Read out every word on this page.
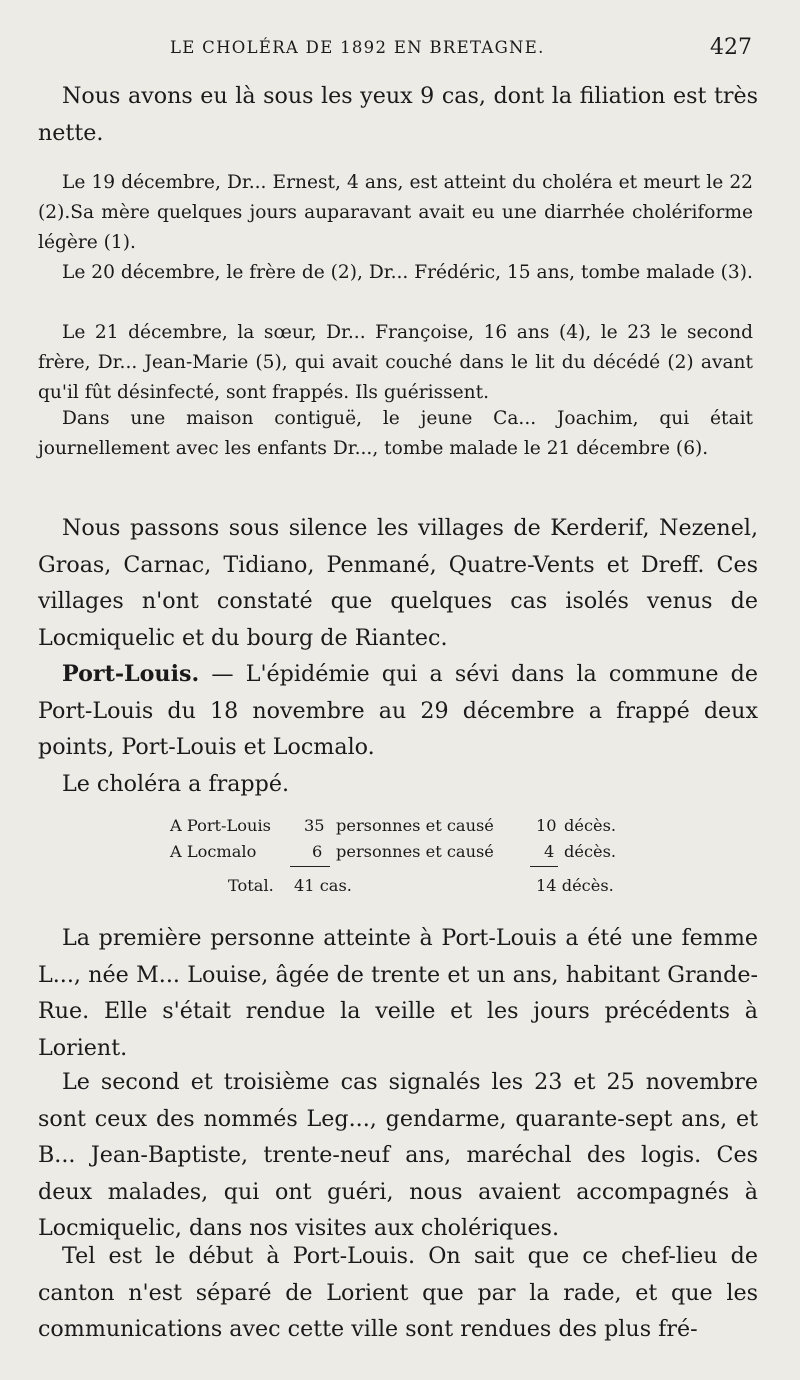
LE CHOLÉRA DE 1892 EN BRETAGNE.	427

Nous avons eu là sous les yeux 9 cas, dont la filiation est très nette.

Le 19 décembre, Dr... Ernest, 4 ans, est atteint du choléra et meurt le 22 (2).Sa mère quelques jours auparavant avait eu une diarrhée cholériforme légère (1).

Le 20 décembre, le frère de (2), Dr... Frédéric, 15 ans, tombe malade (3).

Le 21 décembre, la sœur, Dr... Françoise, 16 ans (4), le 23 le second frère, Dr... Jean-Marie (5), qui avait couché dans le lit du décédé (2) avant qu'il fût désinfecté, sont frappés. Ils guérissent.

Dans une maison contiguë, le jeune Ca... Joachim, qui était journellement avec les enfants Dr..., tombe malade le 21 décembre (6).

Nous passons sous silence les villages de Kerderif, Nezenel, Groas, Carnac, Tidiano, Penmané, Quatre-Vents et Dreff. Ces villages n'ont constaté que quelques cas isolés venus de Locmiquelic et du bourg de Riantec.

Port-Louis. — L'épidémie qui a sévi dans la commune de Port-Louis du 18 novembre au 29 décembre a frappé deux points, Port-Louis et Locmalo.

Le choléra a frappé.

A Port-Louis 35 personnes et causé	10 décès.
A Locmalo	6 personnes et causé	4 décès.
Total. 41 cas.	14 décès.

La première personne atteinte à Port-Louis a été une femme L..., née M... Louise, âgée de trente et un ans, habitant Grande-Rue. Elle s'était rendue la veille et les jours précédents à Lorient.

Le second et troisième cas signalés les 23 et 25 novembre sont ceux des nommés Leg..., gendarme, quarante-sept ans, et B... Jean-Baptiste, trente-neuf ans, maréchal des logis. Ces deux malades, qui ont guéri, nous avaient accompagnés à Locmiquelic, dans nos visites aux cholériques.

Tel est le début à Port-Louis. On sait que ce chef-lieu de canton n'est séparé de Lorient que par la rade, et que les communications avec cette ville sont rendues des plus fré-
